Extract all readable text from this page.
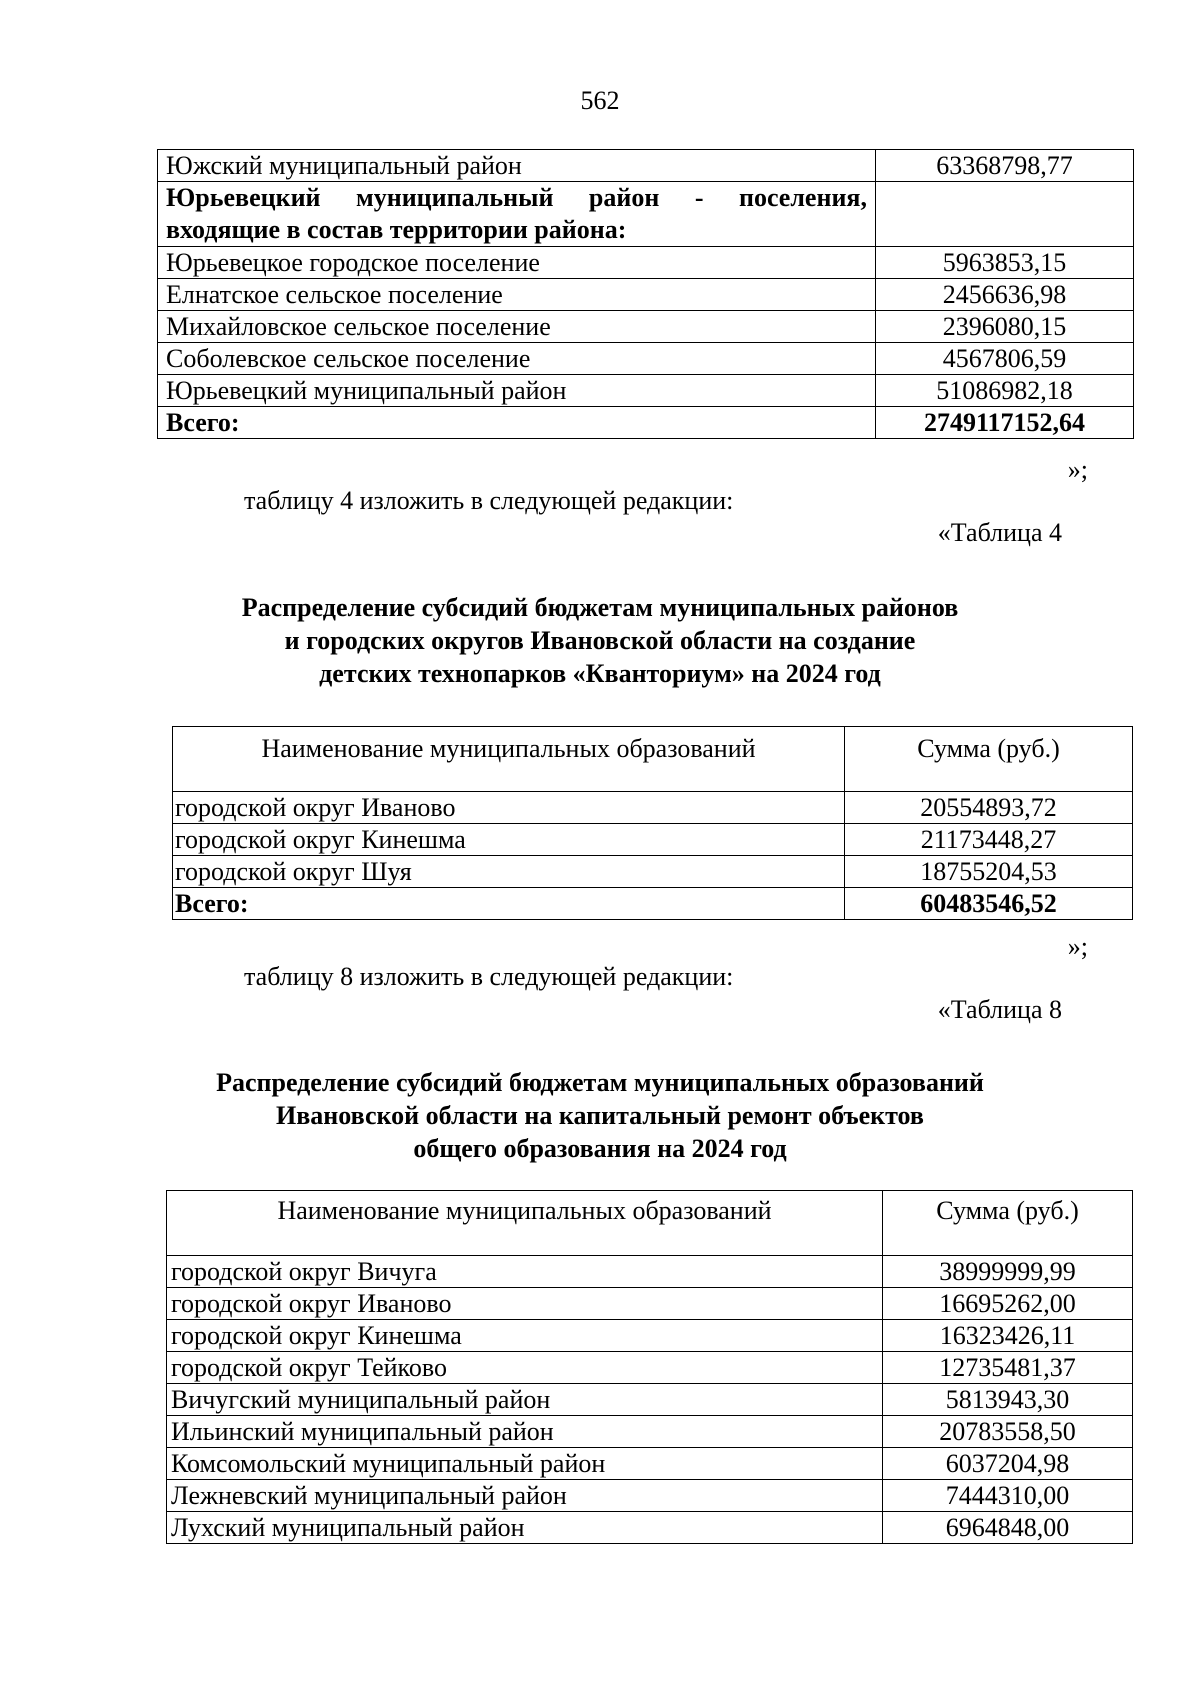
562
Южский муниципальный район	63368798,77
Юрьевецкий муниципальный район - поселения, входящие в состав территории района:	
Юрьевецкое городское поселение	5963853,15
Елнатское сельское поселение	2456636,98
Михайловское сельское поселение	2396080,15
Соболевское сельское поселение	4567806,59
Юрьевецкий муниципальный район	51086982,18
Всего:	2749117152,64
»;
таблицу 4 изложить в следующей редакции:
«Таблица 4
Распределение субсидий бюджетам муниципальных районов
и городских округов Ивановской области на создание
детских технопарков «Кванториум» на 2024 год
Наименование муниципальных образований	Сумма (руб.)
городской округ Иваново	20554893,72
городской округ Кинешма	21173448,27
городской округ Шуя	18755204,53
Всего:	60483546,52
»;
таблицу 8 изложить в следующей редакции:
«Таблица 8
Распределение субсидий бюджетам муниципальных образований
Ивановской области на капитальный ремонт объектов
общего образования на 2024 год
Наименование муниципальных образований	Сумма (руб.)
городской округ Вичуга	38999999,99
городской округ Иваново	16695262,00
городской округ Кинешма	16323426,11
городской округ Тейково	12735481,37
Вичугский муниципальный район	5813943,30
Ильинский муниципальный район	20783558,50
Комсомольский муниципальный район	6037204,98
Лежневский муниципальный район	7444310,00
Лухский муниципальный район	6964848,00
